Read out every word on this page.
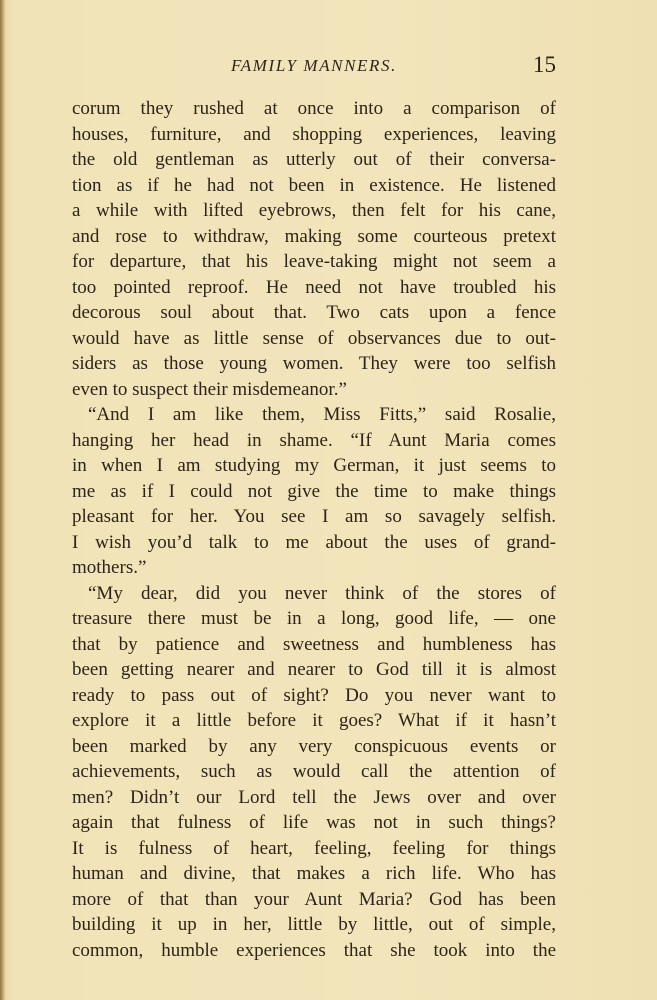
FAMILY MANNERS.	15
corum they rushed at once into a comparison of
houses, furniture, and shopping experiences, leaving
the old gentleman as utterly out of their conversa-
tion as if he had not been in existence. He listened
a while with lifted eyebrows, then felt for his cane,
and rose to withdraw, making some courteous pretext
for departure, that his leave-taking might not seem a
too pointed reproof. He need not have troubled his
decorous soul about that. Two cats upon a fence
would have as little sense of observances due to out-
siders as those young women. They were too selfish
even to suspect their misdemeanor.”
“And I am like them, Miss Fitts,” said Rosalie,
hanging her head in shame. “If Aunt Maria comes
in when I am studying my German, it just seems to
me as if I could not give the time to make things
pleasant for her. You see I am so savagely selfish.
I wish you’d talk to me about the uses of grand-
mothers.”
“My dear, did you never think of the stores of
treasure there must be in a long, good life, — one
that by patience and sweetness and humbleness has
been getting nearer and nearer to God till it is almost
ready to pass out of sight? Do you never want to
explore it a little before it goes? What if it hasn’t
been marked by any very conspicuous events or
achievements, such as would call the attention of
men? Didn’t our Lord tell the Jews over and over
again that fulness of life was not in such things?
It is fulness of heart, feeling, feeling for things
human and divine, that makes a rich life. Who has
more of that than your Aunt Maria? God has been
building it up in her, little by little, out of simple,
common, humble experiences that she took into the
